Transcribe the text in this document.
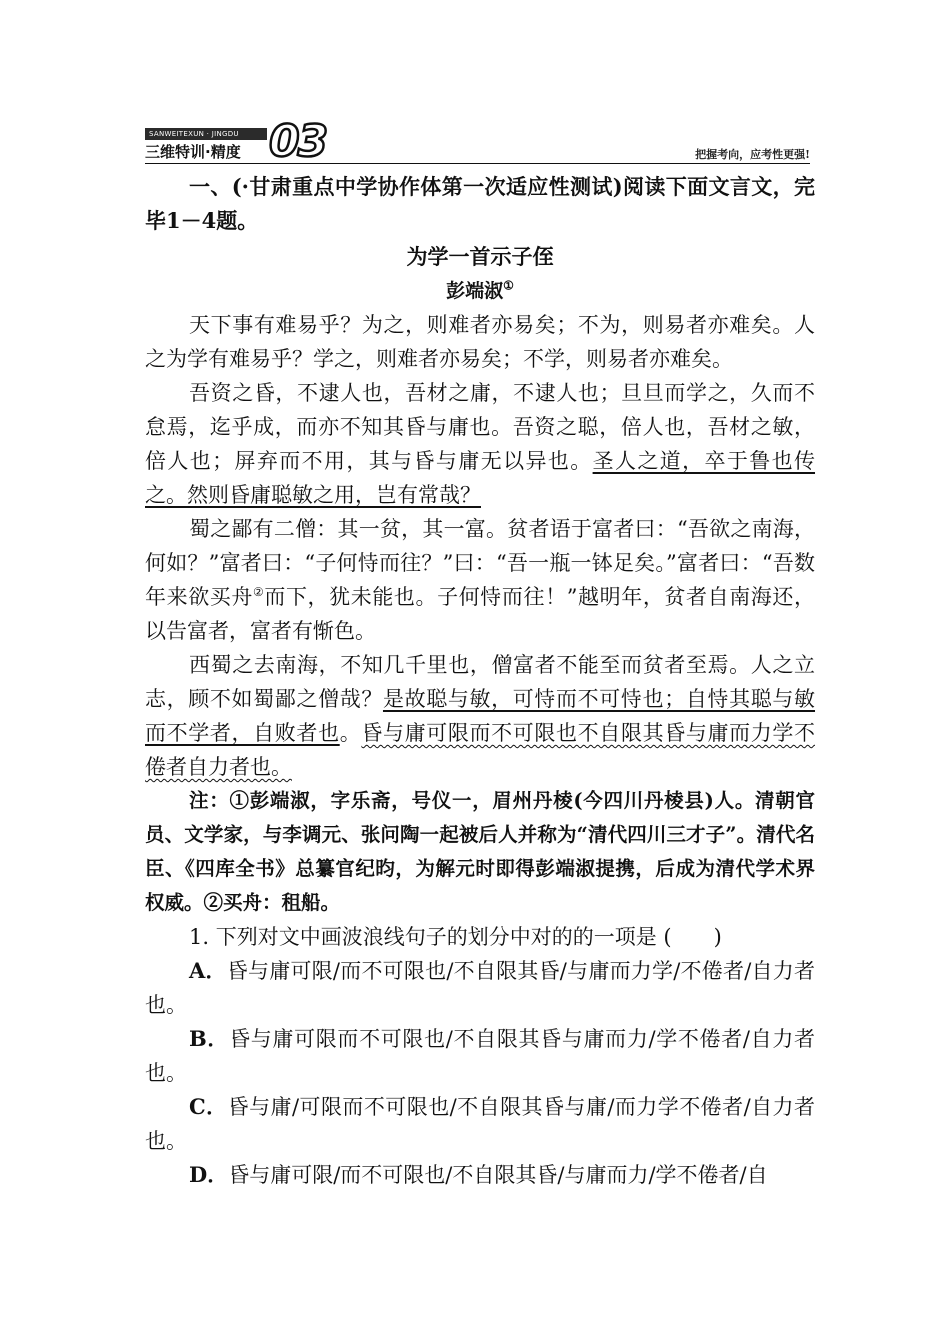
SANWEITEXUN · JINGDU
三维特训·精度 03	把握考向，应考性更强!

一、(·甘肃重点中学协作体第一次适应性测试)阅读下面文言文，完毕1－4题。

为学一首示子侄

彭端淑①

天下事有难易乎？为之，则难者亦易矣；不为，则易者亦难矣。人之为学有难易乎？学之，则难者亦易矣；不学，则易者亦难矣。

吾资之昏，不逮人也，吾材之庸，不逮人也；旦旦而学之，久而不怠焉，迄乎成，而亦不知其昏与庸也。吾资之聪，倍人也，吾材之敏，倍人也；屏弃而不用，其与昏与庸无以异也。圣人之道，卒于鲁也传之。然则昏庸聪敏之用，岂有常哉？

蜀之鄙有二僧：其一贫，其一富。贫者语于富者曰：“吾欲之南海，何如？”富者曰：“子何恃而往？”曰：“吾一瓶一钵足矣。”富者曰：“吾数年来欲买舟②而下，犹未能也。子何恃而往！”越明年，贫者自南海还，以告富者，富者有惭色。

西蜀之去南海，不知几千里也，僧富者不能至而贫者至焉。人之立志，顾不如蜀鄙之僧哉？是故聪与敏，可恃而不可恃也；自恃其聪与敏而不学者，自败者也。昏与庸可限而不可限也不自限其昏与庸而力学不倦者自力者也。

注：①彭端淑，字乐斋，号仪一，眉州丹棱(今四川丹棱县)人。清朝官员、文学家，与李调元、张问陶一起被后人并称为“清代四川三才子”。清代名臣、《四库全书》总纂官纪昀，为解元时即得彭端淑提携，后成为清代学术界权威。②买舟：租船。

1. 下列对文中画波浪线句子的划分中对的的一项是 (　　)

A．昏与庸可限/而不可限也/不自限其昏/与庸而力学/不倦者/自力者也。

B．昏与庸可限而不可限也/不自限其昏与庸而力/学不倦者/自力者也。

C．昏与庸/可限而不可限也/不自限其昏与庸/而力学不倦者/自力者也。

D．昏与庸可限/而不可限也/不自限其昏/与庸而力/学不倦者/自
